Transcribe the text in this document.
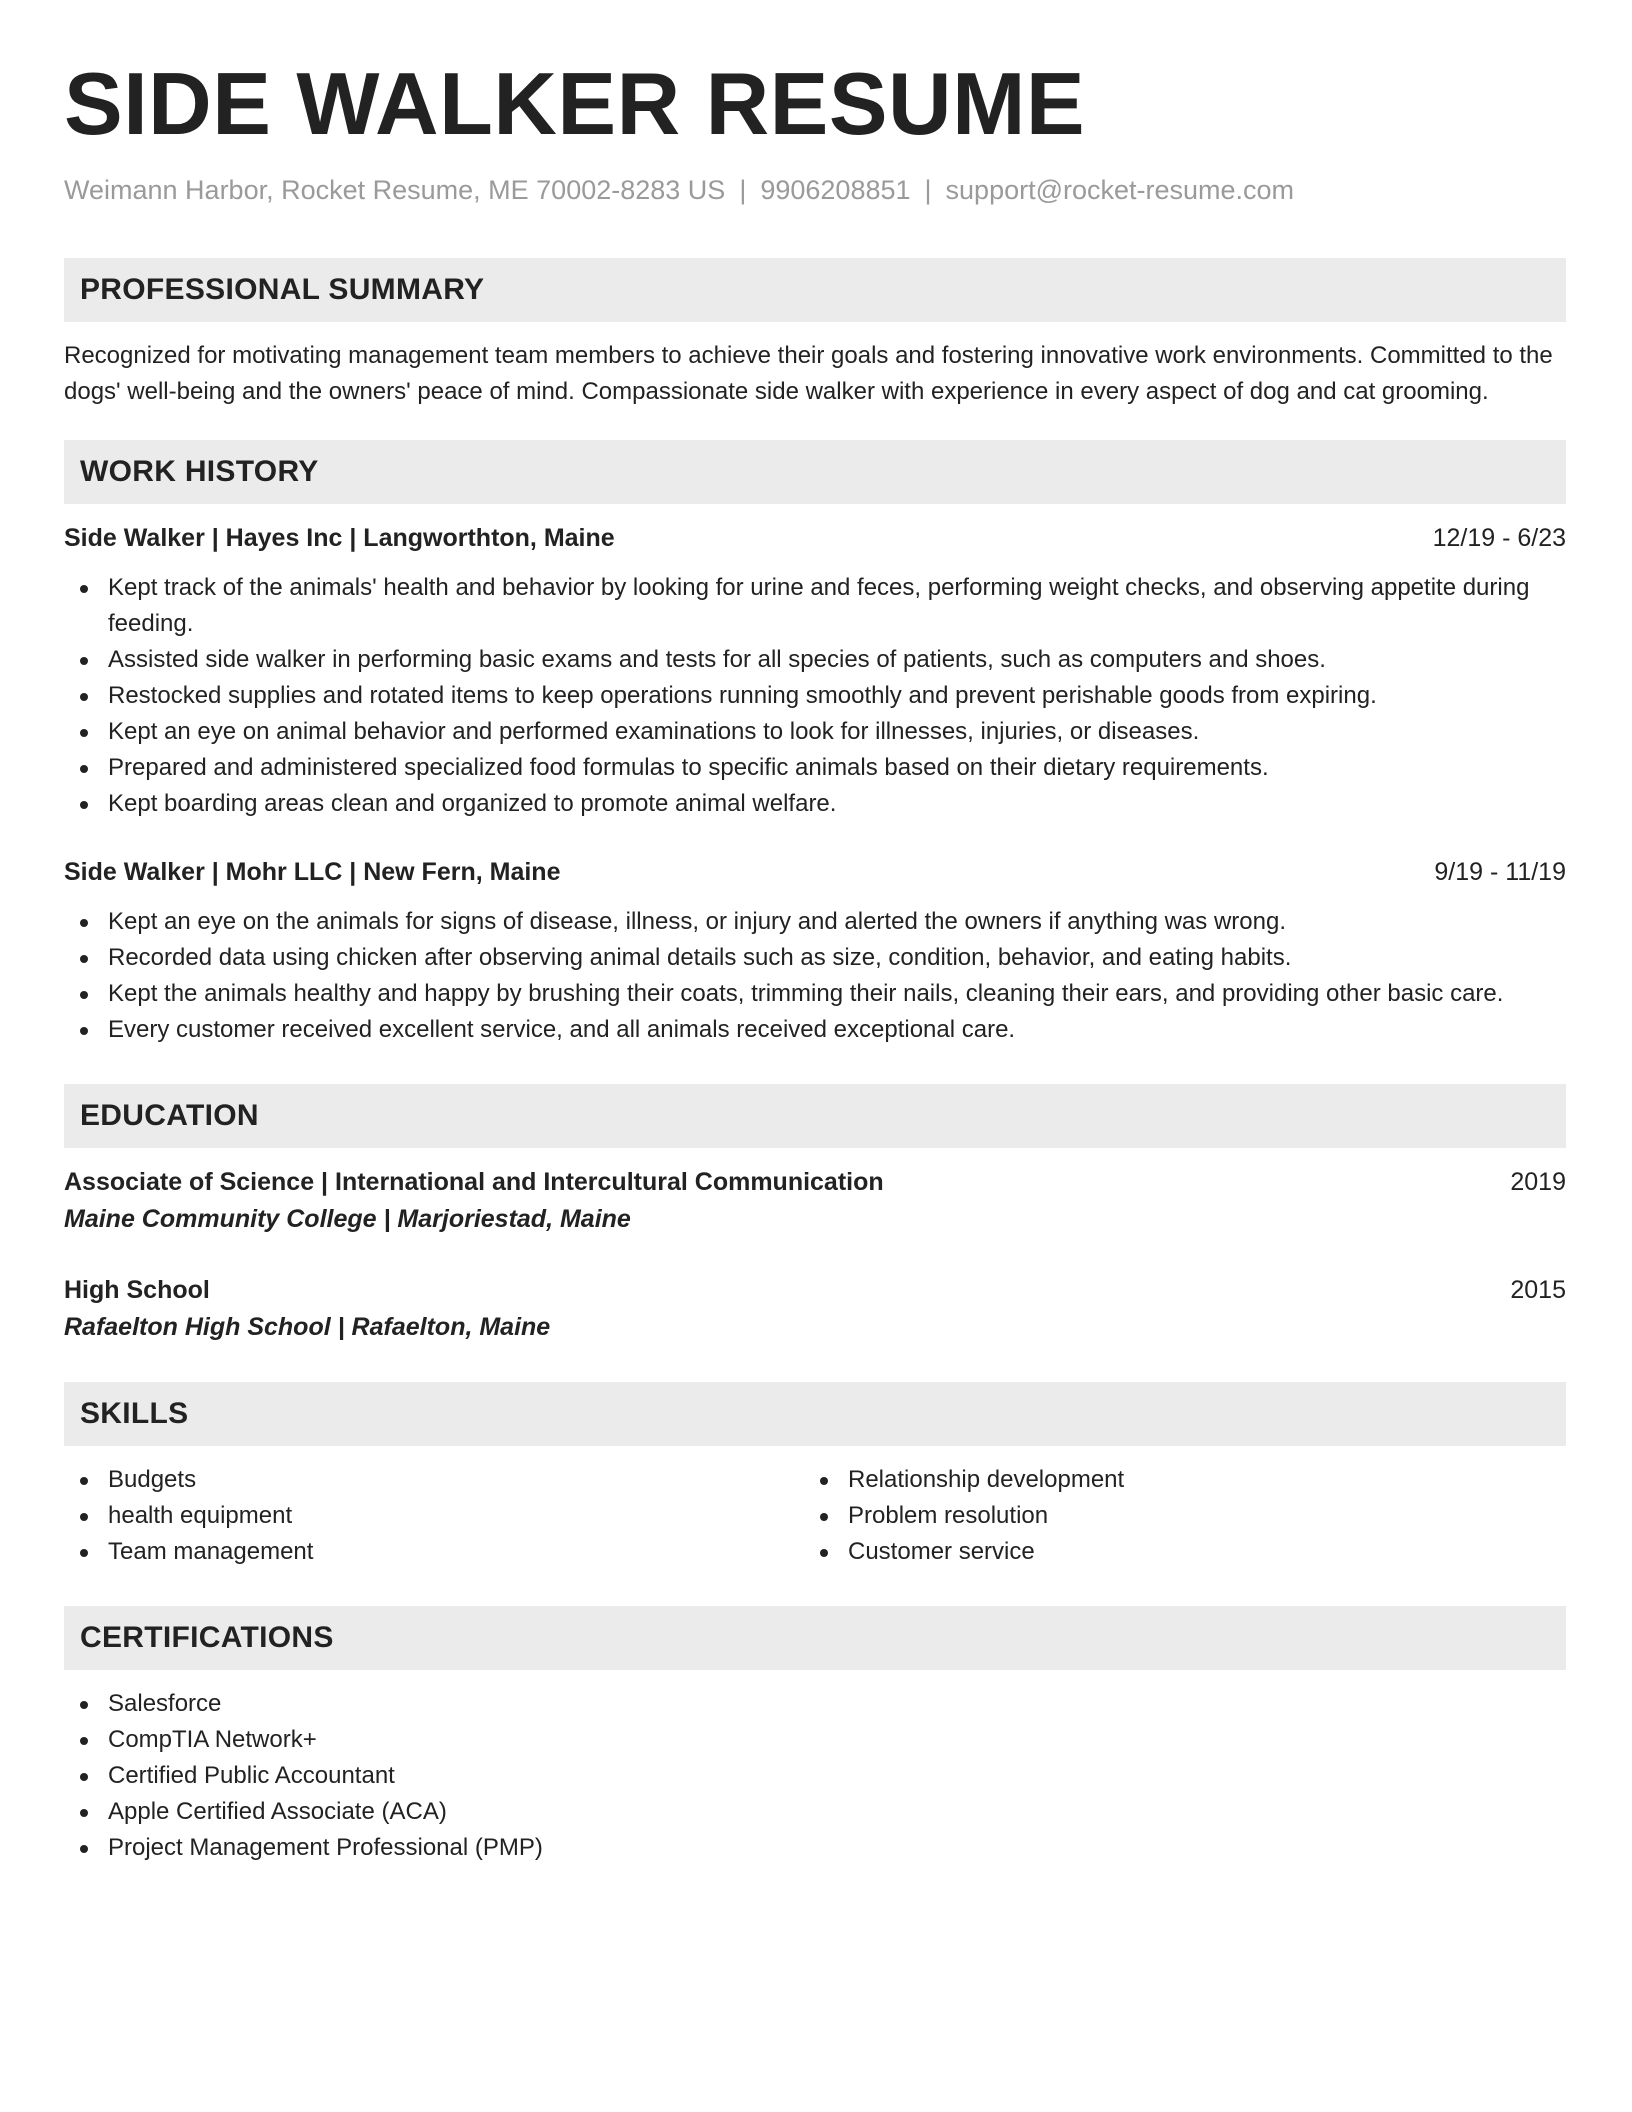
SIDE WALKER RESUME
Weimann Harbor, Rocket Resume, ME 70002-8283 US | 9906208851 | support@rocket-resume.com
PROFESSIONAL SUMMARY

Recognized for motivating management team members to achieve their goals and fostering innovative work environments. Committed to the dogs' well-being and the owners' peace of mind. Compassionate side walker with experience in every aspect of dog and cat grooming.

WORK HISTORY
Side Walker | Hayes Inc | Langworthton, Maine	12/19 - 6/23
Kept track of the animals' health and behavior by looking for urine and feces, performing weight checks, and observing appetite during feeding.
Assisted side walker in performing basic exams and tests for all species of patients, such as computers and shoes.
Restocked supplies and rotated items to keep operations running smoothly and prevent perishable goods from expiring.
Kept an eye on animal behavior and performed examinations to look for illnesses, injuries, or diseases.
Prepared and administered specialized food formulas to specific animals based on their dietary requirements.
Kept boarding areas clean and organized to promote animal welfare.
Side Walker | Mohr LLC | New Fern, Maine	9/19 - 11/19
Kept an eye on the animals for signs of disease, illness, or injury and alerted the owners if anything was wrong.
Recorded data using chicken after observing animal details such as size, condition, behavior, and eating habits.
Kept the animals healthy and happy by brushing their coats, trimming their nails, cleaning their ears, and providing other basic care.
Every customer received excellent service, and all animals received exceptional care.
EDUCATION
Associate of Science | International and Intercultural Communication	2019
Maine Community College | Marjoriestad, Maine
High School	2015
Rafaelton High School | Rafaelton, Maine
SKILLS
Budgets
health equipment
Team management
Relationship development
Problem resolution
Customer service
CERTIFICATIONS
Salesforce
CompTIA Network+
Certified Public Accountant
Apple Certified Associate (ACA)
Project Management Professional (PMP)
